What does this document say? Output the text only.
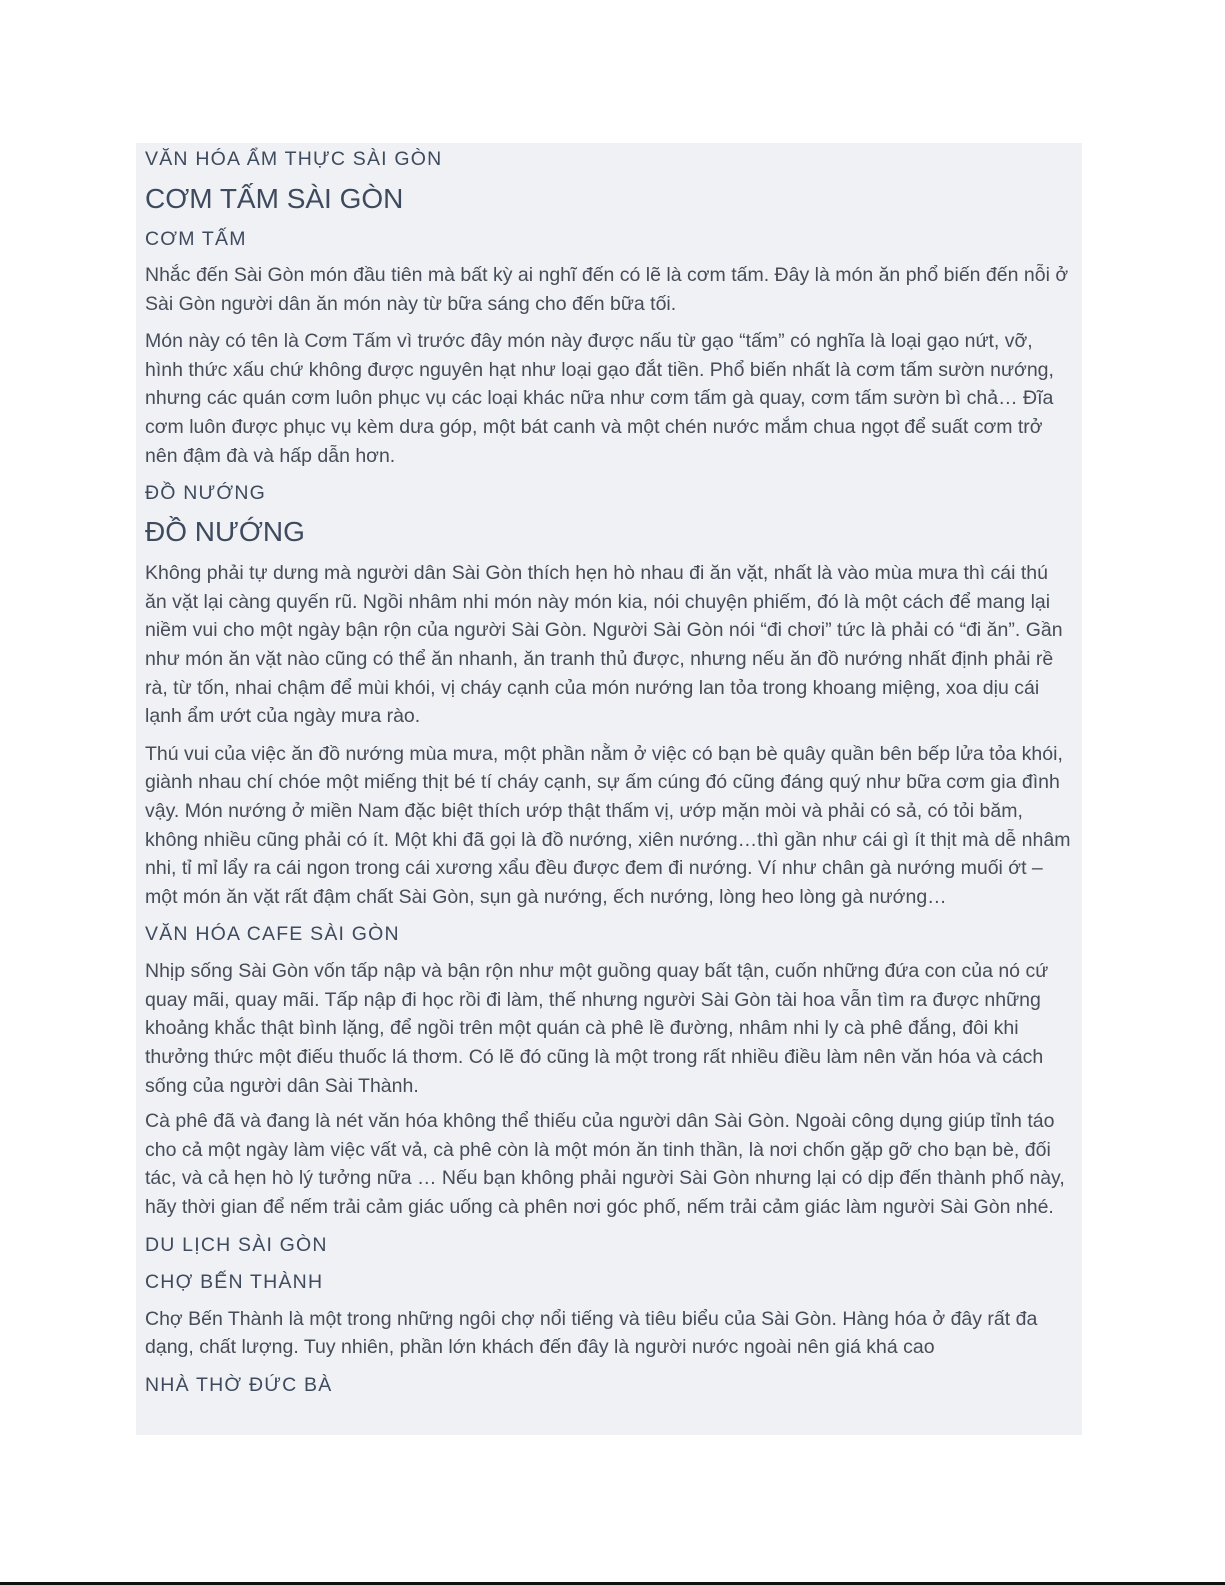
VĂN HÓA ẨM THỰC SÀI GÒN

CƠM TẤM SÀI GÒN

CƠM TẤM

Nhắc đến Sài Gòn món đầu tiên mà bất kỳ ai nghĩ đến có lẽ là cơm tấm. Đây là món ăn phổ biến đến nỗi ở Sài Gòn người dân ăn món này từ bữa sáng cho đến bữa tối.

Món này có tên là Cơm Tấm vì trước đây món này được nấu từ gạo “tấm” có nghĩa là loại gạo nứt, vỡ, hình thức xấu chứ không được nguyên hạt như loại gạo đắt tiền. Phổ biến nhất là cơm tấm sườn nướng, nhưng các quán cơm luôn phục vụ các loại khác nữa như cơm tấm gà quay, cơm tấm sườn bì chả… Đĩa cơm luôn được phục vụ kèm dưa góp, một bát canh và một chén nước mắm chua ngọt để suất cơm trở nên đậm đà và hấp dẫn hơn.

ĐỒ NƯỚNG

ĐỒ NƯỚNG

Không phải tự dưng mà người dân Sài Gòn thích hẹn hò nhau đi ăn vặt, nhất là vào mùa mưa thì cái thú ăn vặt lại càng quyến rũ. Ngồi nhâm nhi món này món kia, nói chuyện phiếm, đó là một cách để mang lại niềm vui cho một ngày bận rộn của người Sài Gòn. Người Sài Gòn nói “đi chơi” tức là phải có “đi ăn”. Gần như món ăn vặt nào cũng có thể ăn nhanh, ăn tranh thủ được, nhưng nếu ăn đồ nướng nhất định phải rề rà, từ tốn, nhai chậm để mùi khói, vị cháy cạnh của món nướng lan tỏa trong khoang miệng, xoa dịu cái lạnh ẩm ướt của ngày mưa rào.

Thú vui của việc ăn đồ nướng mùa mưa, một phần nằm ở việc có bạn bè quây quần bên bếp lửa tỏa khói, giành nhau chí chóe một miếng thịt bé tí cháy cạnh, sự ấm cúng đó cũng đáng quý như bữa cơm gia đình vậy. Món nướng ở miền Nam đặc biệt thích ướp thật thấm vị, ướp mặn mòi và phải có sả, có tỏi băm, không nhiều cũng phải có ít. Một khi đã gọi là đồ nướng, xiên nướng…thì gần như cái gì ít thịt mà dễ nhâm nhi, tỉ mỉ lẩy ra cái ngon trong cái xương xẩu đều được đem đi nướng. Ví như chân gà nướng muối ớt – một món ăn vặt rất đậm chất Sài Gòn, sụn gà nướng, ếch nướng, lòng heo lòng gà nướng…

VĂN HÓA CAFE SÀI GÒN

Nhịp sống Sài Gòn vốn tấp nập và bận rộn như một guồng quay bất tận, cuốn những đứa con của nó cứ quay mãi, quay mãi. Tấp nập đi học rồi đi làm, thế nhưng người Sài Gòn tài hoa vẫn tìm ra được những khoảng khắc thật bình lặng, để ngồi trên một quán cà phê lề đường, nhâm nhi ly cà phê đắng, đôi khi thưởng thức một điếu thuốc lá thơm. Có lẽ đó cũng là một trong rất nhiều điều làm nên văn hóa và cách sống của người dân Sài Thành.

Cà phê đã và đang là nét văn hóa không thể thiếu của người dân Sài Gòn. Ngoài công dụng giúp tỉnh táo cho cả một ngày làm việc vất vả, cà phê còn là một món ăn tinh thần, là nơi chốn gặp gỡ cho bạn bè, đối tác, và cả hẹn hò lý tưởng nữa … Nếu bạn không phải người Sài Gòn nhưng lại có dịp đến thành phố này, hãy thời gian để nếm trải cảm giác uống cà phên nơi góc phố, nếm trải cảm giác làm người Sài Gòn nhé.

DU LỊCH SÀI GÒN

CHỢ BẾN THÀNH

Chợ Bến Thành là một trong những ngôi chợ nổi tiếng và tiêu biểu của Sài Gòn. Hàng hóa ở đây rất đa dạng, chất lượng. Tuy nhiên, phần lớn khách đến đây là người nước ngoài nên giá khá cao

NHÀ THỜ ĐỨC BÀ
